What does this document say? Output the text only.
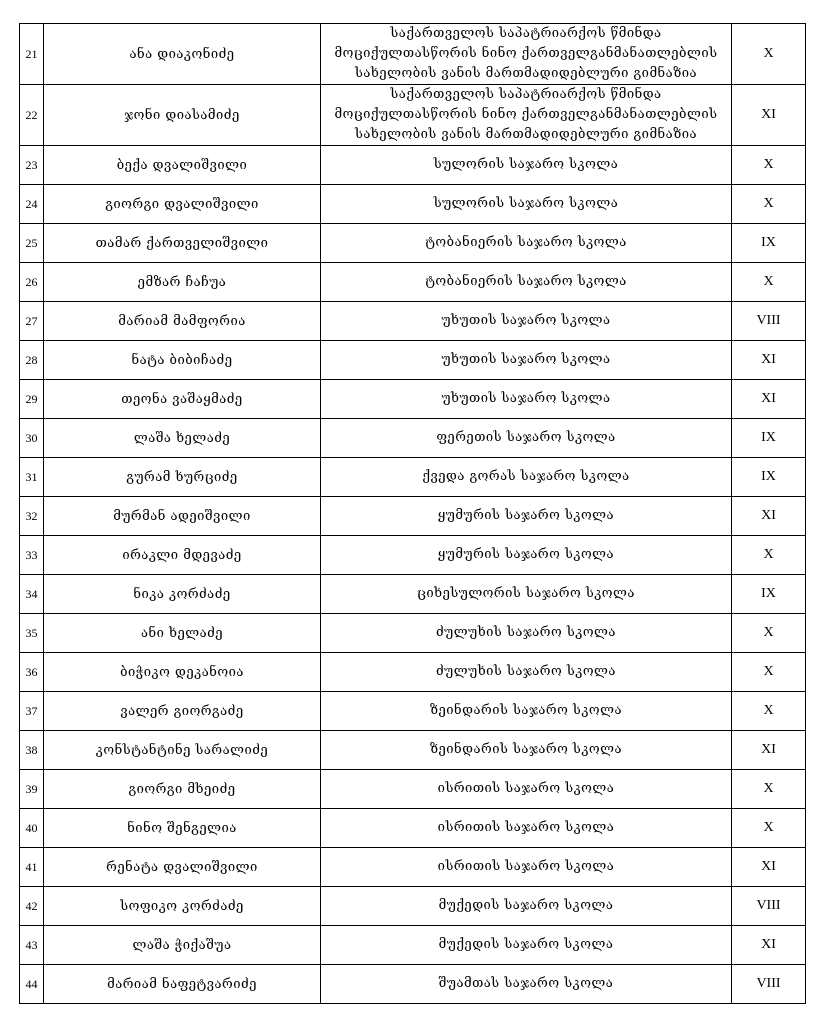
21	ანა დიაკონიძე	საქართველოს საპატრიარქოს წმინდა მოციქულთასწორის ნინო ქართველგანმანათლებლის სახელობის ვანის მართმადიდებლური გიმნაზია	X
22	ჯონი დიასამიძე	საქართველოს საპატრიარქოს წმინდა მოციქულთასწორის ნინო ქართველგანმანათლებლის სახელობის ვანის მართმადიდებლური გიმნაზია	XI
23	ბექა დვალიშვილი	სულორის საჯარო სკოლა	X
24	გიორგი დვალიშვილი	სულორის საჯარო სკოლა	X
25	თამარ ქართველიშვილი	ტობანიერის საჯარო სკოლა	IX
26	ემზარ ჩაჩუა	ტობანიერის საჯარო სკოლა	X
27	მარიამ მამფორია	უხუთის საჯარო სკოლა	VIII
28	ნატა ბიბიჩაძე	უხუთის საჯარო სკოლა	XI
29	თეონა ვაშაყმაძე	უხუთის საჯარო სკოლა	XI
30	ლაშა ხელაძე	ფერეთის საჯარო სკოლა	IX
31	გურამ ხურციძე	ქვედა გორას საჯარო სკოლა	IX
32	მურმან ადეიშვილი	ყუმურის საჯარო სკოლა	XI
33	ირაკლი მდევაძე	ყუმურის საჯარო სკოლა	X
34	ნიკა კორძაძე	ციხესულორის საჯარო სკოლა	IX
35	ანი ხელაძე	ძულუხის საჯარო სკოლა	X
36	ბიჭიკო დეკანოია	ძულუხის საჯარო სკოლა	X
37	ვალერ გიორგაძე	ზეინდარის საჯარო სკოლა	X
38	კონსტანტინე სარალიძე	ზეინდარის საჯარო სკოლა	XI
39	გიორგი მხეიძე	ისრითის საჯარო სკოლა	X
40	ნინო შენგელია	ისრითის საჯარო სკოლა	X
41	რენატა დვალიშვილი	ისრითის საჯარო სკოლა	XI
42	სოფიკო კორძაძე	მუქედის საჯარო სკოლა	VIII
43	ლაშა ჭიქაშუა	მუქედის საჯარო სკოლა	XI
44	მარიამ ნაფეტვარიძე	შუამთას საჯარო სკოლა	VIII
